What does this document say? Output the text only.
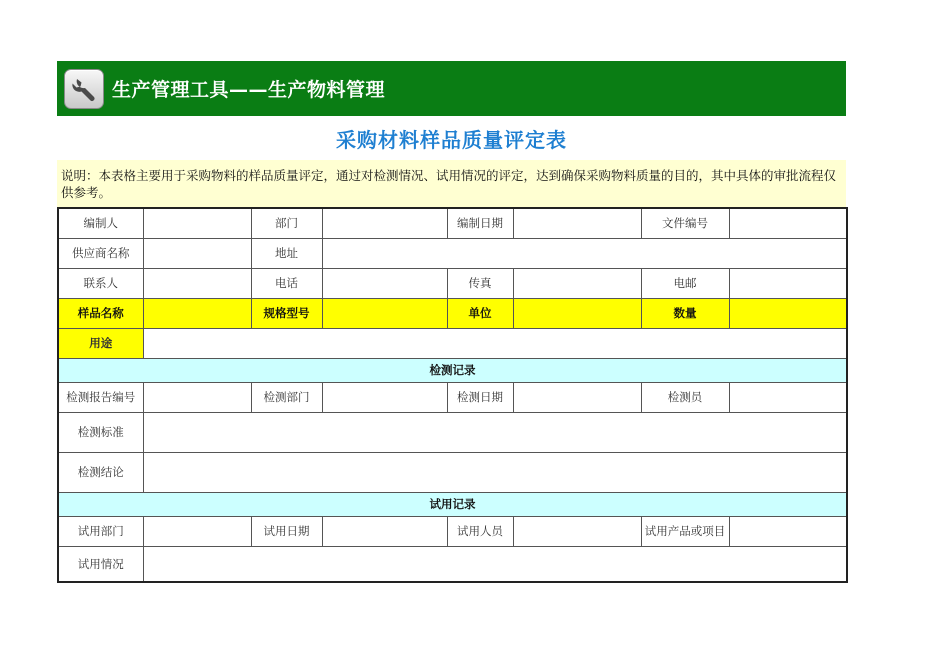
生产管理工具——生产物料管理
采购材料样品质量评定表
说明：本表格主要用于采购物料的样品质量评定，通过对检测情况、试用情况的评定，达到确保采购物料质量的目的，其中具体的审批流程仅供参考。
编制人		部门		编制日期		文件编号	
供应商名称		地址					
联系人		电话		传真		电邮	
样品名称		规格型号		单位		数量	
用途							
检测记录							
检测报告编号		检测部门		检测日期		检测员	
检测标准							
检测结论							
试用记录							
试用部门		试用日期		试用人员		试用产品或项目	
试用情况							
